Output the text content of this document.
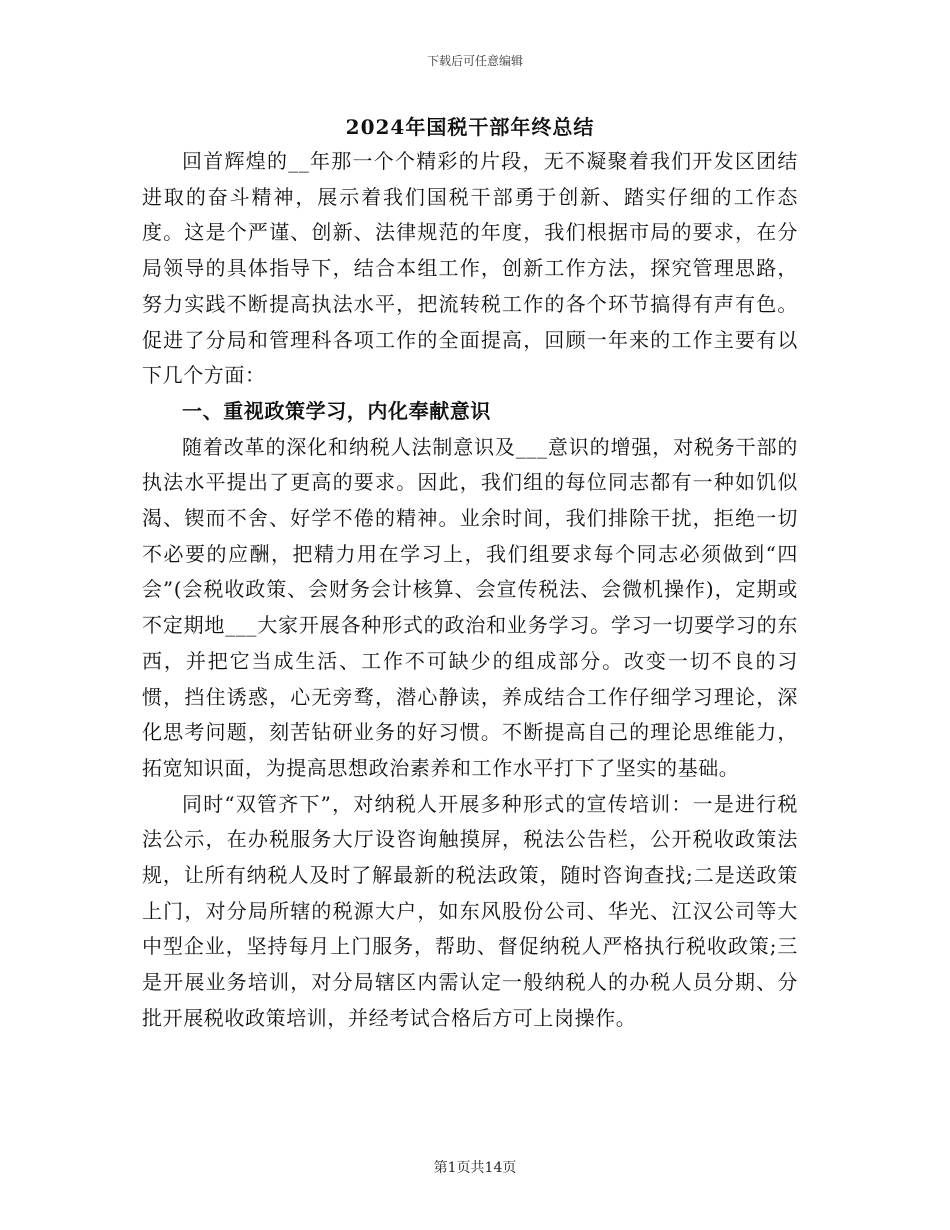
下载后可任意编辑
2024年国税干部年终总结

回首辉煌的__年那一个个精彩的片段，无不凝聚着我们开发区团结进取的奋斗精神，展示着我们国税干部勇于创新、踏实仔细的工作态度。这是个严谨、创新、法律规范的年度，我们根据市局的要求，在分局领导的具体指导下，结合本组工作，创新工作方法，探究管理思路，努力实践不断提高执法水平，把流转税工作的各个环节搞得有声有色。促进了分局和管理科各项工作的全面提高，回顾一年来的工作主要有以下几个方面：

一、重视政策学习，内化奉献意识

随着改革的深化和纳税人法制意识及___意识的增强，对税务干部的执法水平提出了更高的要求。因此，我们组的每位同志都有一种如饥似渴、锲而不舍、好学不倦的精神。业余时间，我们排除干扰，拒绝一切不必要的应酬，把精力用在学习上，我们组要求每个同志必须做到“四会”(会税收政策、会财务会计核算、会宣传税法、会微机操作)，定期或不定期地___大家开展各种形式的政治和业务学习。学习一切要学习的东西，并把它当成生活、工作不可缺少的组成部分。改变一切不良的习惯，挡住诱惑，心无旁骛，潜心静读，养成结合工作仔细学习理论，深化思考问题，刻苦钻研业务的好习惯。不断提高自己的理论思维能力，拓宽知识面，为提高思想政治素养和工作水平打下了坚实的基础。

同时“双管齐下”，对纳税人开展多种形式的宣传培训：一是进行税法公示，在办税服务大厅设咨询触摸屏，税法公告栏，公开税收政策法规，让所有纳税人及时了解最新的税法政策，随时咨询查找;二是送政策上门，对分局所辖的税源大户，如东风股份公司、华光、江汉公司等大中型企业，坚持每月上门服务，帮助、督促纳税人严格执行税收政策;三是开展业务培训，对分局辖区内需认定一般纳税人的办税人员分期、分批开展税收政策培训，并经考试合格后方可上岗操作。

第1页共14页
